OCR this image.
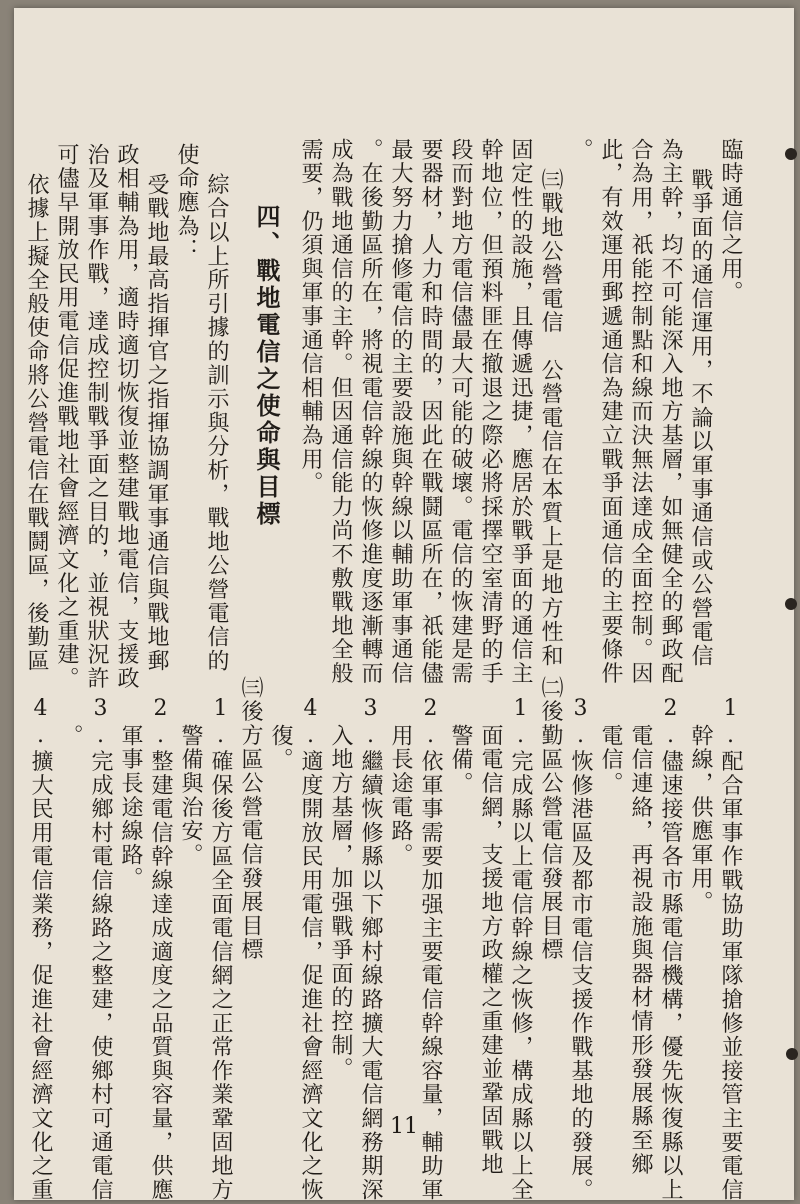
臨時通信之用。
戰爭面的通信運用，不論以軍事通信或公營電信
為主幹，均不可能深入地方基層，如無健全的郵政配
合為用，祇能控制點和線而決無法達成全面控制。因
此，有效運用郵遞通信為建立戰爭面通信的主要條件
。
㈢戰地公營電信　公營電信在本質上是地方性和
固定性的設施，且傳遞迅捷，應居於戰爭面的通信主
幹地位，但預料匪在撤退之際必將採擇空室清野的手
段而對地方電信儘最大可能的破壞。電信的恢建是需
要器材，人力和時間的，因此在戰鬪區所在，祇能儘
最大努力搶修電信的主要設施與幹線以輔助軍事通信
。在後勤區所在，將視電信幹線的恢修進度逐漸轉而
成為戰地通信的主幹。但因通信能力尚不敷戰地全般
需要，仍須與軍事通信相輔為用。
四、戰地電信之使命與目標
綜合以上所引據的訓示與分析，戰地公營電信的
使命應為：
受戰地最高指揮官之指揮協調軍事通信與戰地郵
政相輔為用，適時適切恢復並整建戰地電信，支援政
治及軍事作戰，達成控制戰爭面之目的，並視狀況許
可儘早開放民用電信促進戰地社會經濟文化之重建。
依據上擬全般使命將公營電信在戰鬪區，後勤區
1.配合軍事作戰協助軍隊搶修並接管主要電信
幹線，供應軍用。
2.儘速接管各市縣電信機構，優先恢復縣以上
電信連絡，再視設施與器材情形發展縣至鄉
電信。
3.恢修港區及都市電信支援作戰基地的發展。
㈡後勤區公營電信發展目標
1.完成縣以上電信幹線之恢修，構成縣以上全
面電信網，支援地方政權之重建並鞏固戰地
警備。
2.依軍事需要加强主要電信幹線容量，輔助軍
用長途電路。
3.繼續恢修縣以下鄉村線路擴大電信網務期深
入地方基層，加强戰爭面的控制。
4.適度開放民用電信，促進社會經濟文化之恢
復。
㈢後方區公營電信發展目標
1.確保後方區全面電信網之正常作業鞏固地方
警備與治安。
2.整建電信幹線達成適度之品質與容量，供應
軍事長途線路。
3.完成鄉村電信線路之整建，使鄉村可通電信
。
4.擴大民用電信業務，促進社會經濟文化之重	11
